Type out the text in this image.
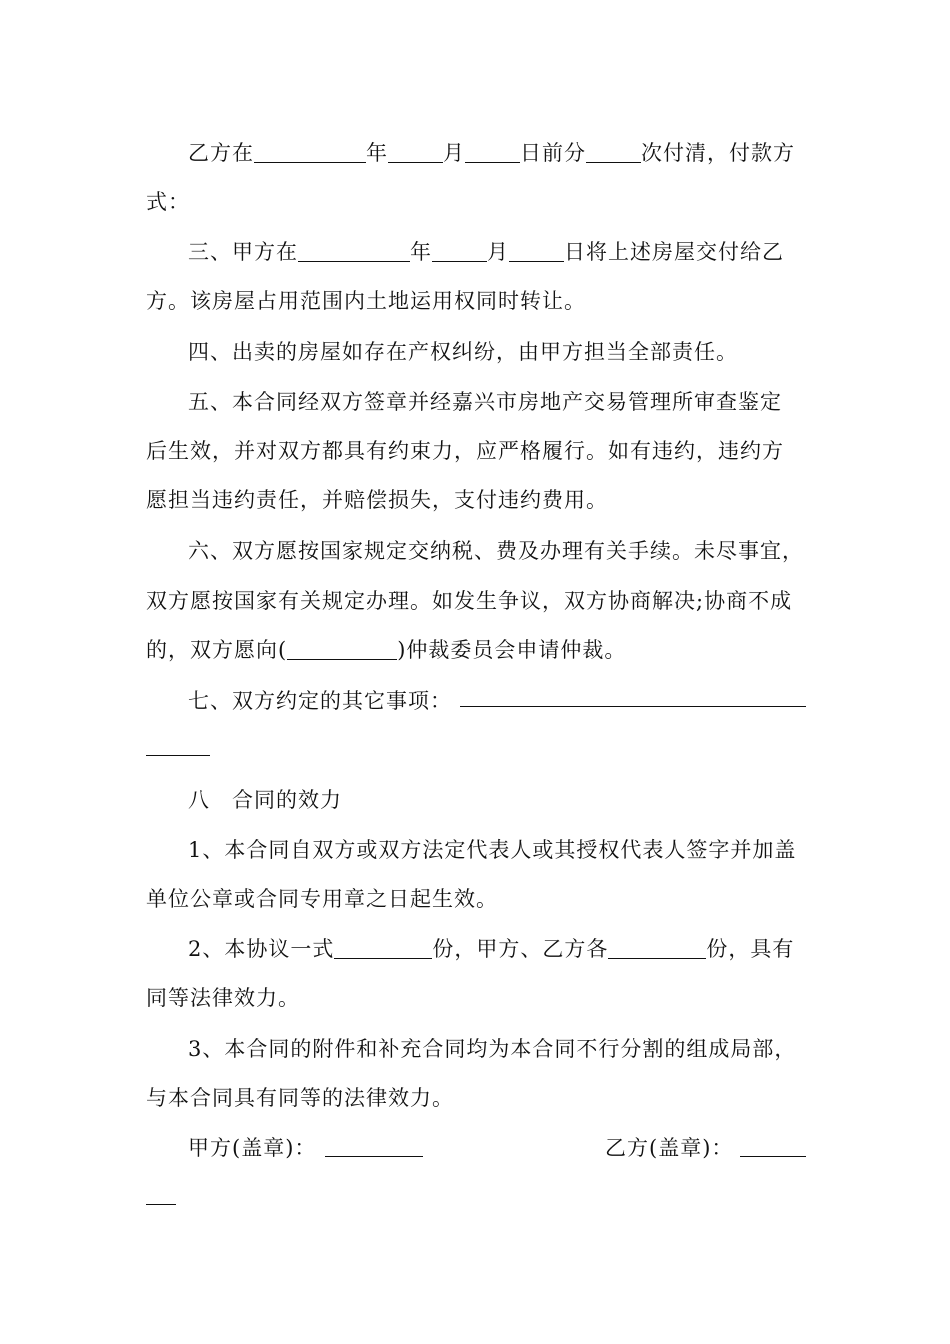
乙方在	年	月	日前分	次付清，付款方
式：
三、甲方在	年	月	日将上述房屋交付给乙
方。该房屋占用范围内土地运用权同时转让。
四、出卖的房屋如存在产权纠纷，由甲方担当全部责任。
五、本合同经双方签章并经嘉兴市房地产交易管理所审查鉴定
后生效，并对双方都具有约束力，应严格履行。如有违约，违约方
愿担当违约责任，并赔偿损失，支付违约费用。
六、双方愿按国家规定交纳税、费及办理有关手续。未尽事宜，
双方愿按国家有关规定办理。如发生争议，双方协商解决;协商不成
的，双方愿向(	)仲裁委员会申请仲裁。
七、双方约定的其它事项：
八　合同的效力
1、本合同自双方或双方法定代表人或其授权代表人签字并加盖
单位公章或合同专用章之日起生效。
2、本协议一式	份，甲方、乙方各	份，具有
同等法律效力。
3、本合同的附件和补充合同均为本合同不行分割的组成局部，
与本合同具有同等的法律效力。
甲方(盖章)：	乙方(盖章)：
